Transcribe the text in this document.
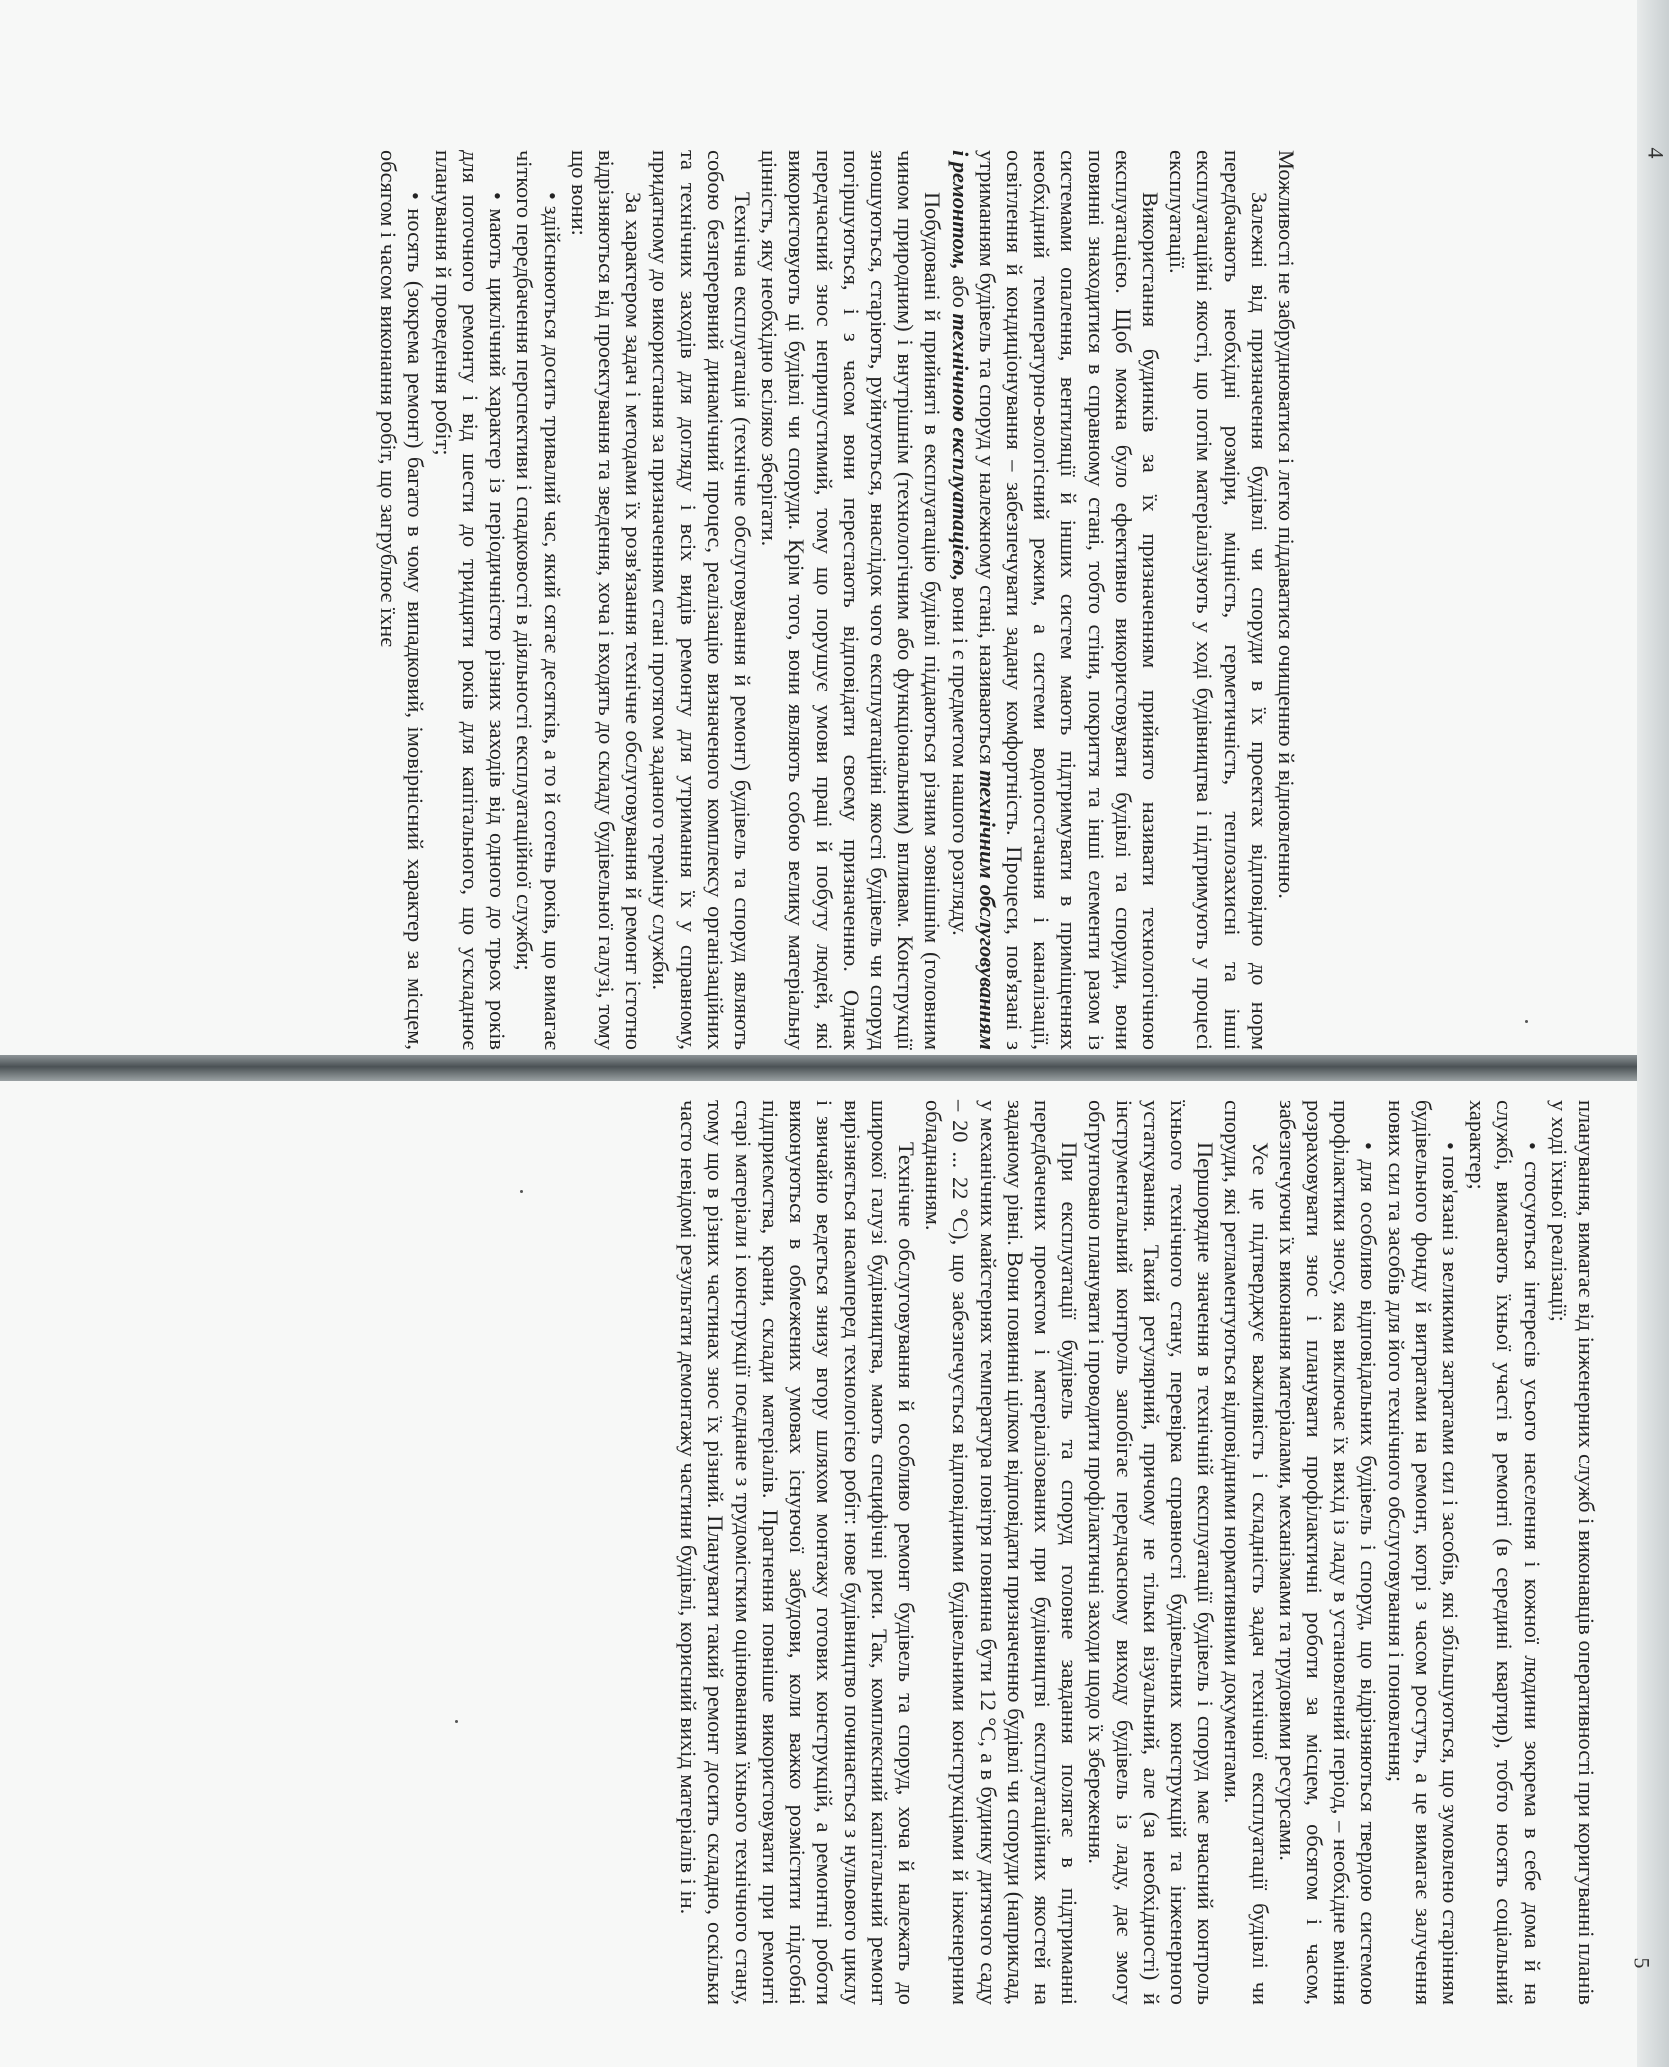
4
5

Можливості не забруднюватися і легко піддаватися очищенню й відновленню.

Залежні від призначення будівлі чи споруди в їх проектах відповідно до норм передбачають необхідні розміри, міцність, герметичність, теплозахисні та інші експлуатаційні якості, що потім матеріалізують у ході будівництва і підтримують у процесі експлуатації.

Використання будинків за їх призначенням прийнято називати технологічною експлуатацією. Щоб можна було ефективно використовувати будівлі та споруди, вони повинні знаходитися в справному стані, тобто стіни, покриття та інші елементи разом із системами опалення, вентиляції й інших систем мають підтримувати в приміщеннях необхідний температурно-вологісний режим, а системи водопостачання і каналізації, освітлення й кондиціонування – забезпечувати задану комфортність. Процеси, пов'язані з утриманням будівель та споруд у належному стані, називаються технічним обслуговуванням і ремонтом, або технічною експлуатацією, вони і є предметом нашого розгляду.

Побудовані й прийняті в експлуатацію будівлі піддаються різним зовнішнім (головним чином природним) і внутрішнім (технологічним або функціональним) впливам. Конструкції зношуються, старіють, руйнуються, внаслідок чого експлуатаційні якості будівель чи споруд погіршуються, і з часом вони перестають відповідати своєму призначенню. Однак передчасний знос неприпустимий, тому що порушує умови праці й побуту людей, які використовують ці будівлі чи споруди. Крім того, вони являють собою велику матеріальну цінність, яку необхідно всіляко зберігати.

Технічна експлуатація (технічне обслуговування й ремонт) будівель та споруд являють собою безперервний динамічний процес, реалізацію визначеного комплексу організаційних та технічних заходів для догляду і всіх видів ремонту для утримання їх у справному, придатному до використання за призначенням стані протягом заданого терміну служби.

За характером задач і методами їх розв'язання технічне обслуговування й ремонт істотно відрізняються від проектування та зведення, хоча і входять до складу будівельної галузі, тому що вони:

• здійснюються досить тривалий час, який сягає десятків, а то й сотень років, що вимагає чіткого передбачення перспективи і спадковості в діяльності експлуатаційної служби;

• мають циклічний характер із періодичністю різних заходів від одного до трьох років для поточного ремонту і від шести до тридцяти років для капітального, що ускладнює планування й проведення робіт;

• носять (зокрема ремонт) багато в чому випадковий, імовірнісний характер за місцем, обсягом і часом виконання робіт, що загрублює їхнє

планування, вимагає від інженерних служб і виконавців оперативності при коригуванні планів у ході їхньої реалізації;

• стосуються інтересів усього населення і кожної людини зокрема в себе дома й на службі, вимагають їхньої участі в ремонті (в середині квартир), тобто носять соціальний характер;

• пов'язані з великими затратами сил і засобів, які збільшуються, що зумовлено старінням будівельного фонду й витратами на ремонт, котрі з часом ростуть, а це вимагає залучення нових сил та засобів для його технічного обслуговування і поновлення;

• для особливо відповідальних будівель і споруд, що відрізняються твердою системою профілактики зносу, яка виключає їх вихід із ладу в установлений період, – необхідне вміння розраховувати знос і планувати профілактичні роботи за місцем, обсягом і часом, забезпечуючи їх виконання матеріалами, механізмами та трудовими ресурсами.

Усе це підтверджує важливість і складність задач технічної експлуатації будівлі чи споруди, які регламентуються відповідними нормативними документами.

Першорядне значення в технічній експлуатації будівель і споруд має вчасний контроль їхнього технічного стану, перевірка справності будівельних конструкцій та інженерного устаткування. Такий регулярний, причому не тільки візуальний, але (за необхідності) й інструментальний контроль запобігає передчасному виходу будівель із ладу, дає змогу обгрунтовано планувати і проводити профілактичні заходи щодо їх збереження.

При експлуатації будівель та споруд головне завдання полягає в підтриманні передбачених проектом і матеріалізованих при будівництві експлуатаційних якостей на заданому рівні. Вони повинні цілком відповідати призначенню будівлі чи споруди (наприклад, у механічних майстернях температура повітря повинна бути 12 °С, а в будинку дитячого саду – 20 ... 22 °С), що забезпечується відповідними будівельними конструкціями й інженерним обладнанням.

Технічне обслуговування й особливо ремонт будівель та споруд, хоча й належать до широкої галузі будівництва, мають специфічні риси. Так, комплексний капітальний ремонт вирізняється насамперед технологією робіт: нове будівництво починається з нульового циклу і звичайно ведеться знизу вгору шляхом монтажу готових конструкцій, а ремонтні роботи виконуються в обмежених умовах існуючої забудови, коли важко розмістити підсобні підприємства, крани, склади матеріалів. Прагнення повніше використовувати при ремонті старі матеріали і конструкції поєднане з трудомістким оцінюванням їхнього технічного стану, тому що в різних частинах знос їх різний. Планувати такий ремонт досить складно, оскільки часто невідомі результати демонтажу частини будівлі, корисний вихід матеріалів і ін.
